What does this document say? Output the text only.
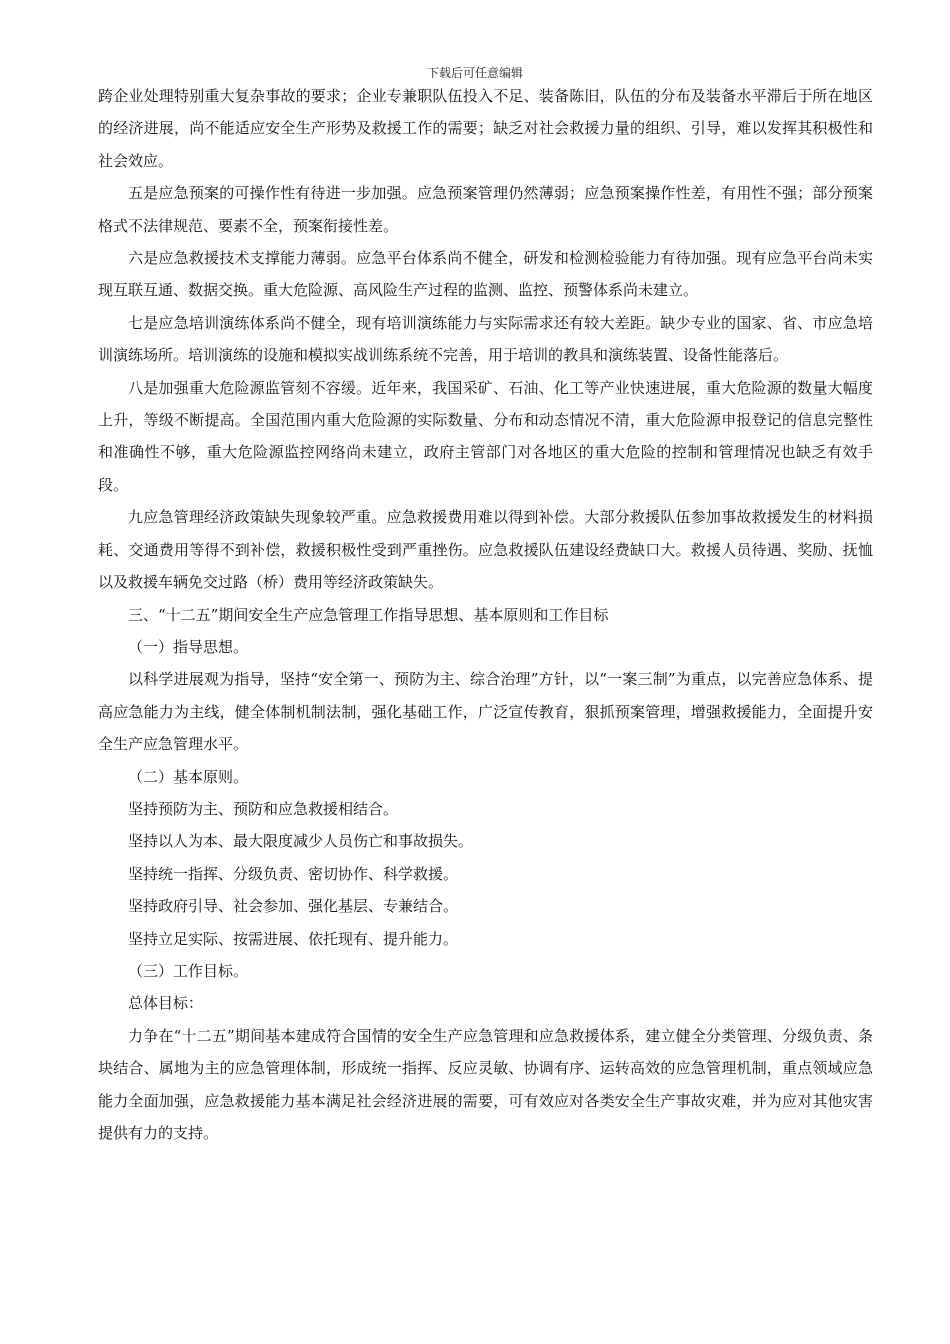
下载后可任意编辑

跨企业处理特别重大复杂事故的要求；企业专兼职队伍投入不足、装备陈旧，队伍的分布及装备水平滞后于所在地区的经济进展，尚不能适应安全生产形势及救援工作的需要；缺乏对社会救援力量的组织、引导，难以发挥其积极性和社会效应。

五是应急预案的可操作性有待进一步加强。应急预案管理仍然薄弱；应急预案操作性差，有用性不强；部分预案格式不法律规范、要素不全，预案衔接性差。

六是应急救援技术支撑能力薄弱。应急平台体系尚不健全，研发和检测检验能力有待加强。现有应急平台尚未实现互联互通、数据交换。重大危险源、高风险生产过程的监测、监控、预警体系尚未建立。

七是应急培训演练体系尚不健全，现有培训演练能力与实际需求还有较大差距。缺少专业的国家、省、市应急培训演练场所。培训演练的设施和模拟实战训练系统不完善，用于培训的教具和演练装置、设备性能落后。

八是加强重大危险源监管刻不容缓。近年来，我国采矿、石油、化工等产业快速进展，重大危险源的数量大幅度上升，等级不断提高。全国范围内重大危险源的实际数量、分布和动态情况不清，重大危险源申报登记的信息完整性和准确性不够，重大危险源监控网络尚未建立，政府主管部门对各地区的重大危险的控制和管理情况也缺乏有效手段。

九应急管理经济政策缺失现象较严重。应急救援费用难以得到补偿。大部分救援队伍参加事故救援发生的材料损耗、交通费用等得不到补偿，救援积极性受到严重挫伤。应急救援队伍建设经费缺口大。救援人员待遇、奖励、抚恤以及救援车辆免交过路（桥）费用等经济政策缺失。

三、“十二五”期间安全生产应急管理工作指导思想、基本原则和工作目标

（一）指导思想。

以科学进展观为指导，坚持“安全第一、预防为主、综合治理”方针，以“一案三制”为重点，以完善应急体系、提高应急能力为主线，健全体制机制法制，强化基础工作，广泛宣传教育，狠抓预案管理，增强救援能力，全面提升安全生产应急管理水平。

（二）基本原则。

坚持预防为主、预防和应急救援相结合。

坚持以人为本、最大限度减少人员伤亡和事故损失。

坚持统一指挥、分级负责、密切协作、科学救援。

坚持政府引导、社会参加、强化基层、专兼结合。

坚持立足实际、按需进展、依托现有、提升能力。

（三）工作目标。

总体目标：

力争在“十二五”期间基本建成符合国情的安全生产应急管理和应急救援体系，建立健全分类管理、分级负责、条块结合、属地为主的应急管理体制，形成统一指挥、反应灵敏、协调有序、运转高效的应急管理机制，重点领域应急能力全面加强，应急救援能力基本满足社会经济进展的需要，可有效应对各类安全生产事故灾难，并为应对其他灾害提供有力的支持。
